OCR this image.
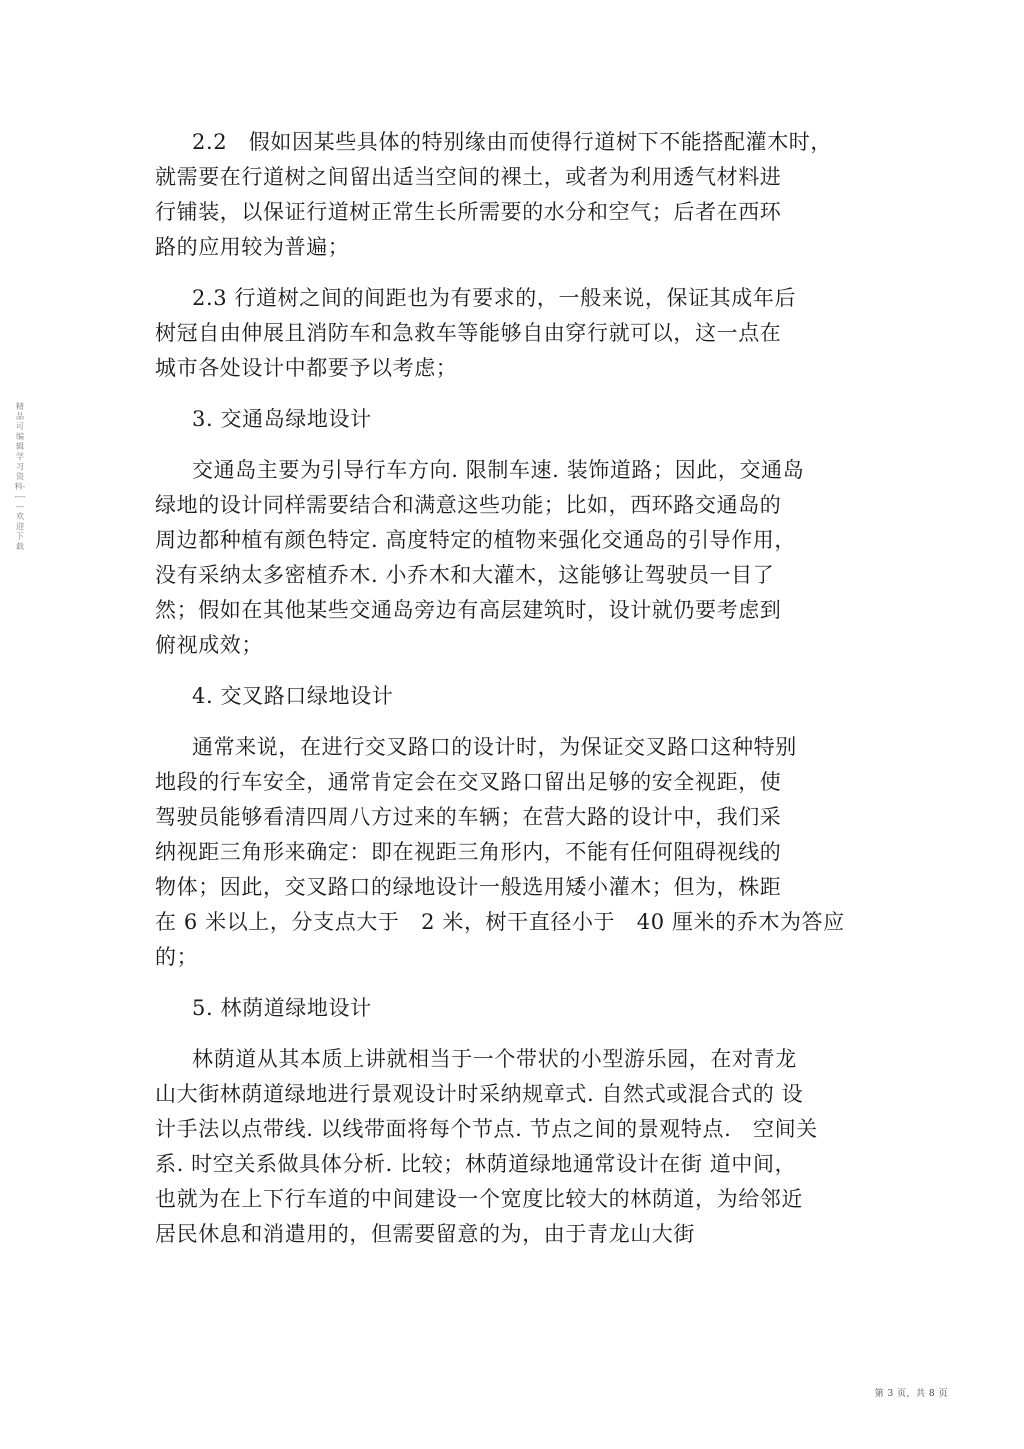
精品可编辑学习资料--------欢迎下载
2.2　假如因某些具体的特别缘由而使得行道树下不能搭配灌木时，
就需要在行道树之间留出适当空间的裸土，或者为利用透气材料进
行铺装，以保证行道树正常生长所需要的水分和空气；后者在西环
路的应用较为普遍；
2.3 行道树之间的间距也为有要求的，一般来说，保证其成年后
树冠自由伸展且消防车和急救车等能够自由穿行就可以，这一点在
城市各处设计中都要予以考虑；
3. 交通岛绿地设计
交通岛主要为引导行车方向. 限制车速. 装饰道路；因此，交通岛
绿地的设计同样需要结合和满意这些功能；比如，西环路交通岛的
周边都种植有颜色特定. 高度特定的植物来强化交通岛的引导作用，
没有采纳太多密植乔木. 小乔木和大灌木，这能够让驾驶员一目了
然；假如在其他某些交通岛旁边有高层建筑时，设计就仍要考虑到
俯视成效；
4. 交叉路口绿地设计
通常来说，在进行交叉路口的设计时，为保证交叉路口这种特别
地段的行车安全，通常肯定会在交叉路口留出足够的安全视距，使
驾驶员能够看清四周八方过来的车辆；在营大路的设计中，我们采
纳视距三角形来确定：即在视距三角形内，不能有任何阻碍视线的
物体；因此，交叉路口的绿地设计一般选用矮小灌木；但为，株距
在 6 米以上，分支点大于　2 米，树干直径小于　40 厘米的乔木为答应
的；
5. 林荫道绿地设计
林荫道从其本质上讲就相当于一个带状的小型游乐园，在对青龙
山大街林荫道绿地进行景观设计时采纳规章式. 自然式或混合式的 设
计手法以点带线. 以线带面将每个节点. 节点之间的景观特点.　空间关
系. 时空关系做具体分析. 比较；林荫道绿地通常设计在街 道中间，
也就为在上下行车道的中间建设一个宽度比较大的林荫道，为给邻近
居民休息和消遣用的，但需要留意的为，由于青龙山大街
第 3 页，共 8 页
